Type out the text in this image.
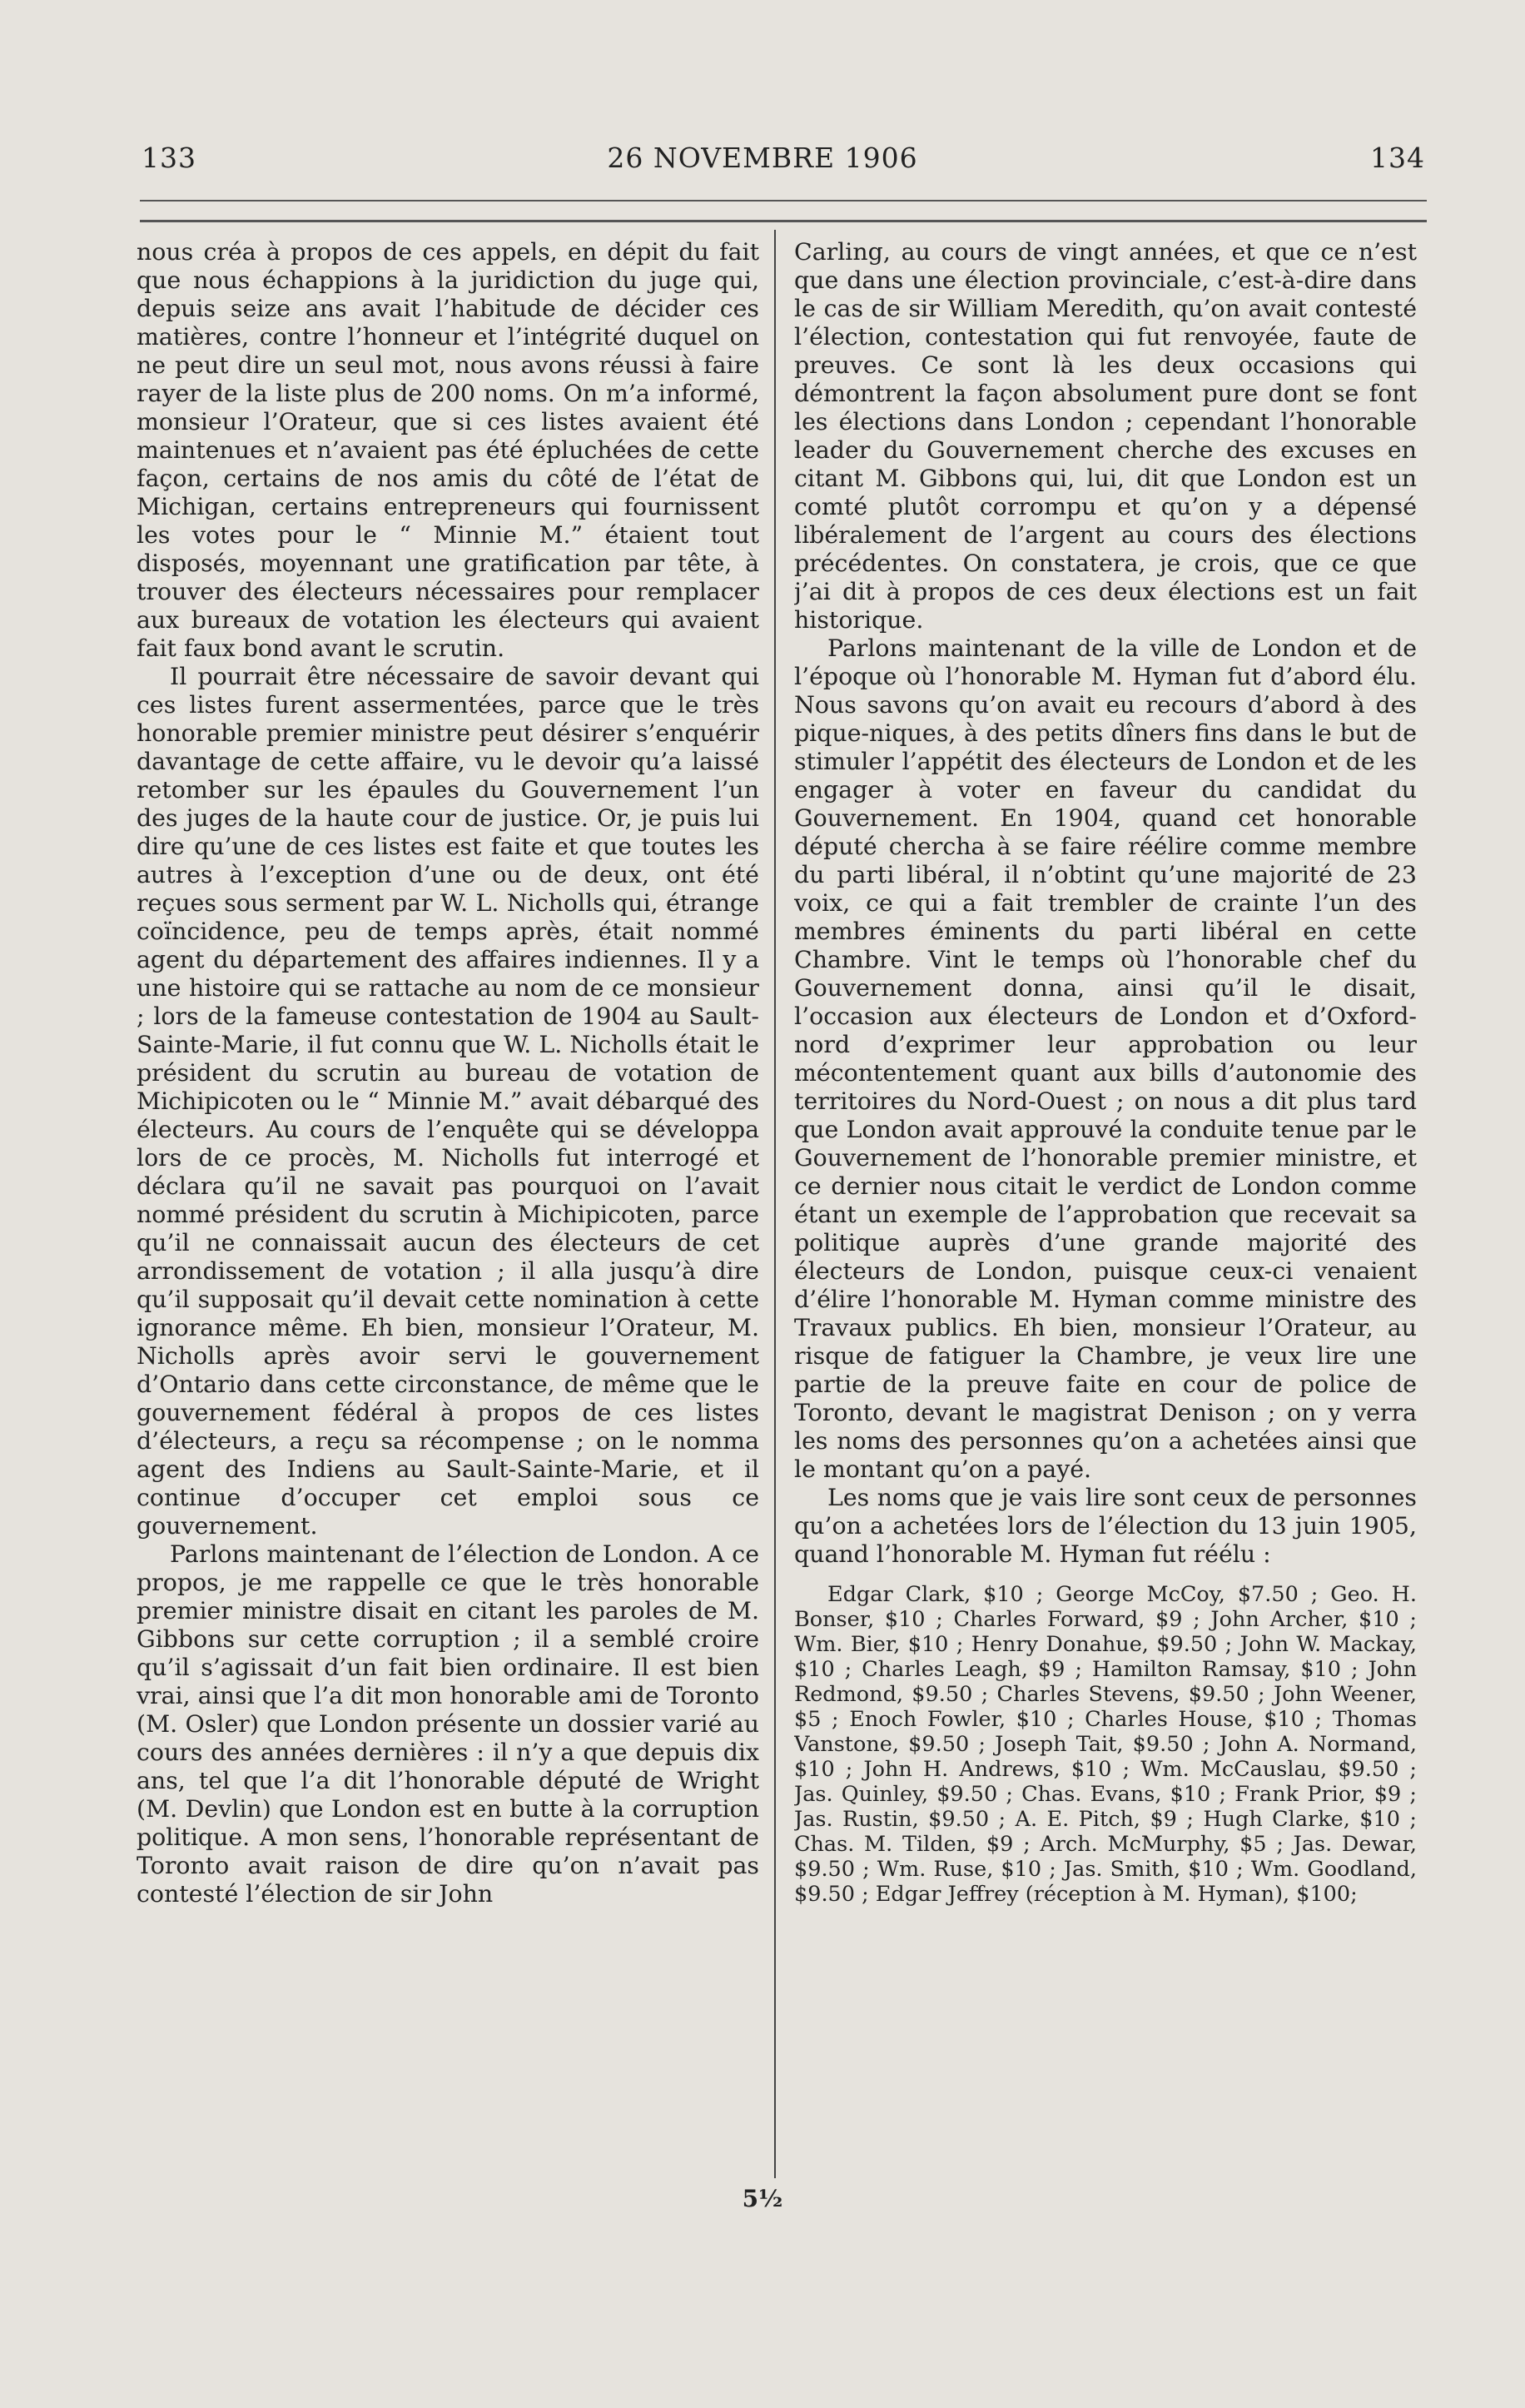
133	26 NOVEMBRE 1906	134

nous créa à propos de ces appels, en dépit du fait que nous échappions à la juridiction du juge qui, depuis seize ans avait l’habitude de décider ces matières, contre l’honneur et l’intégrité duquel on ne peut dire un seul mot, nous avons réussi à faire rayer de la liste plus de 200 noms. On m’a informé, monsieur l’Orateur, que si ces listes avaient été maintenues et n’avaient pas été épluchées de cette façon, certains de nos amis du côté de l’état de Michigan, certains entrepreneurs qui fournissent les votes pour le “ Minnie M.” étaient tout disposés, moyennant une gratification par tête, à trouver des électeurs nécessaires pour remplacer aux bureaux de votation les électeurs qui avaient fait faux bond avant le scrutin.

Il pourrait être nécessaire de savoir devant qui ces listes furent assermentées, parce que le très honorable premier ministre peut désirer s’enquérir davantage de cette affaire, vu le devoir qu’a laissé retomber sur les épaules du Gouvernement l’un des juges de la haute cour de justice. Or, je puis lui dire qu’une de ces listes est faite et que toutes les autres à l’exception d’une ou de deux, ont été reçues sous serment par W. L. Nicholls qui, étrange coïncidence, peu de temps après, était nommé agent du département des affaires indiennes. Il y a une histoire qui se rattache au nom de ce monsieur ; lors de la fameuse contestation de 1904 au Sault-Sainte-Marie, il fut connu que W. L. Nicholls était le président du scrutin au bureau de votation de Michipicoten ou le “ Minnie M.” avait débarqué des électeurs. Au cours de l’enquête qui se développa lors de ce procès, M. Nicholls fut interrogé et déclara qu’il ne savait pas pourquoi on l’avait nommé président du scrutin à Michipicoten, parce qu’il ne connaissait aucun des électeurs de cet arrondissement de votation ; il alla jusqu’à dire qu’il supposait qu’il devait cette nomination à cette ignorance même. Eh bien, monsieur l’Orateur, M. Nicholls après avoir servi le gouvernement d’Ontario dans cette circonstance, de même que le gouvernement fédéral à propos de ces listes d’électeurs, a reçu sa récompense ; on le nomma agent des Indiens au Sault-Sainte-Marie, et il continue d’occuper cet emploi sous ce gouvernement.

Parlons maintenant de l’élection de London. A ce propos, je me rappelle ce que le très honorable premier ministre disait en citant les paroles de M. Gibbons sur cette corruption ; il a semblé croire qu’il s’agissait d’un fait bien ordinaire. Il est bien vrai, ainsi que l’a dit mon honorable ami de Toronto (M. Osler) que London présente un dossier varié au cours des années dernières : il n’y a que depuis dix ans, tel que l’a dit l’honorable député de Wright (M. Devlin) que London est en butte à la corruption politique. A mon sens, l’honorable représentant de Toronto avait raison de dire qu’on n’avait pas contesté l’élection de sir John

Carling, au cours de vingt années, et que ce n’est que dans une élection provinciale, c’est-à-dire dans le cas de sir William Meredith, qu’on avait contesté l’élection, contestation qui fut renvoyée, faute de preuves. Ce sont là les deux occasions qui démontrent la façon absolument pure dont se font les élections dans London ; cependant l’honorable leader du Gouvernement cherche des excuses en citant M. Gibbons qui, lui, dit que London est un comté plutôt corrompu et qu’on y a dépensé libéralement de l’argent au cours des élections précédentes. On constatera, je crois, que ce que j’ai dit à propos de ces deux élections est un fait historique.

Parlons maintenant de la ville de London et de l’époque où l’honorable M. Hyman fut d’abord élu. Nous savons qu’on avait eu recours d’abord à des pique-niques, à des petits dîners fins dans le but de stimuler l’appétit des électeurs de London et de les engager à voter en faveur du candidat du Gouvernement. En 1904, quand cet honorable député chercha à se faire réélire comme membre du parti libéral, il n’obtint qu’une majorité de 23 voix, ce qui a fait trembler de crainte l’un des membres éminents du parti libéral en cette Chambre. Vint le temps où l’honorable chef du Gouvernement donna, ainsi qu’il le disait, l’occasion aux électeurs de London et d’Oxford-nord d’exprimer leur approbation ou leur mécontentement quant aux bills d’autonomie des territoires du Nord-Ouest ; on nous a dit plus tard que London avait approuvé la conduite tenue par le Gouvernement de l’honorable premier ministre, et ce dernier nous citait le verdict de London comme étant un exemple de l’approbation que recevait sa politique auprès d’une grande majorité des électeurs de London, puisque ceux-ci venaient d’élire l’honorable M. Hyman comme ministre des Travaux publics. Eh bien, monsieur l’Orateur, au risque de fatiguer la Chambre, je veux lire une partie de la preuve faite en cour de police de Toronto, devant le magistrat Denison ; on y verra les noms des personnes qu’on a achetées ainsi que le montant qu’on a payé.

Les noms que je vais lire sont ceux de personnes qu’on a achetées lors de l’élection du 13 juin 1905, quand l’honorable M. Hyman fut réélu :

Edgar Clark, $10 ; George McCoy, $7.50 ; Geo. H. Bonser, $10 ; Charles Forward, $9 ; John Archer, $10 ; Wm. Bier, $10 ; Henry Donahue, $9.50 ; John W. Mackay, $10 ; Charles Leagh, $9 ; Hamilton Ramsay, $10 ; John Redmond, $9.50 ; Charles Stevens, $9.50 ; John Weener, $5 ; Enoch Fowler, $10 ; Charles House, $10 ; Thomas Vanstone, $9.50 ; Joseph Tait, $9.50 ; John A. Normand, $10 ; John H. Andrews, $10 ; Wm. McCauslau, $9.50 ; Jas. Quinley, $9.50 ; Chas. Evans, $10 ; Frank Prior, $9 ; Jas. Rustin, $9.50 ; A. E. Pitch, $9 ; Hugh Clarke, $10 ; Chas. M. Tilden, $9 ; Arch. McMurphy, $5 ; Jas. Dewar, $9.50 ; Wm. Ruse, $10 ; Jas. Smith, $10 ; Wm. Goodland, $9.50 ; Edgar Jeffrey (réception à M. Hyman), $100;

5½
